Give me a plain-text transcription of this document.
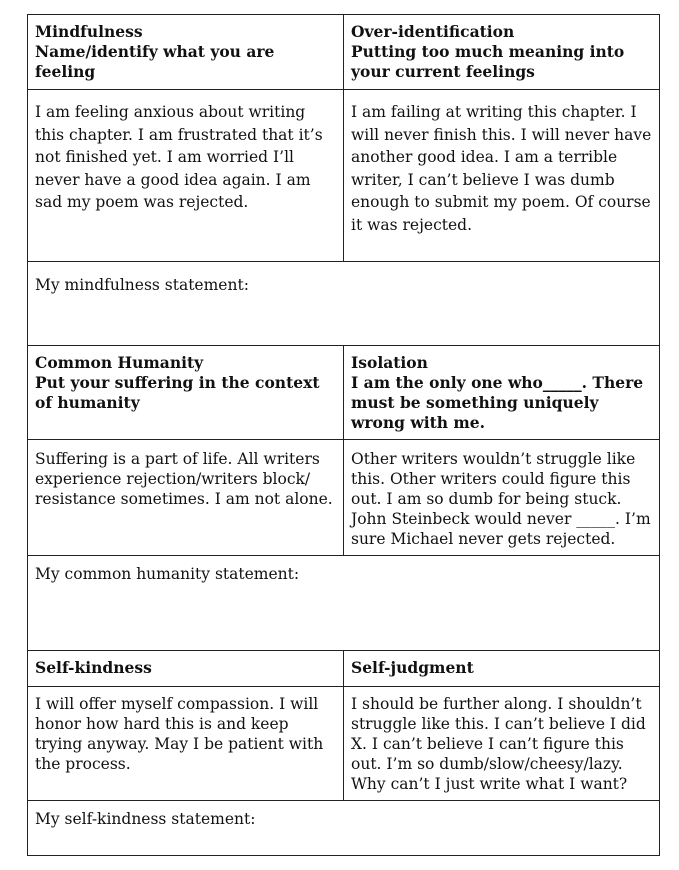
Mindfulness
Name/identify what you are feeling
Over-identification
Putting too much meaning into your current feelings
I am feeling anxious about writing this chapter. I am frustrated that it’s not finished yet. I am worried I’ll never have a good idea again. I am sad my poem was rejected.
I am failing at writing this chapter. I will never finish this. I will never have another good idea. I am a terrible writer, I can’t believe I was dumb enough to submit my poem. Of course it was rejected.
My mindfulness statement:
Common Humanity
Put your suffering in the context of humanity
Isolation
I am the only one who_____. There must be something uniquely wrong with me.
Suffering is a part of life. All writers experience rejection/writers block/ resistance sometimes. I am not alone.
Other writers wouldn’t struggle like this. Other writers could figure this out. I am so dumb for being stuck. John Steinbeck would never _____. I’m sure Michael never gets rejected.
My common humanity statement:
Self-kindness	Self-judgment
I will offer myself compassion. I will honor how hard this is and keep trying anyway. May I be patient with the process.
I should be further along. I shouldn’t struggle like this. I can’t believe I did X. I can’t believe I can’t figure this out. I’m so dumb/slow/cheesy/lazy. Why can’t I just write what I want?
My self-kindness statement:
